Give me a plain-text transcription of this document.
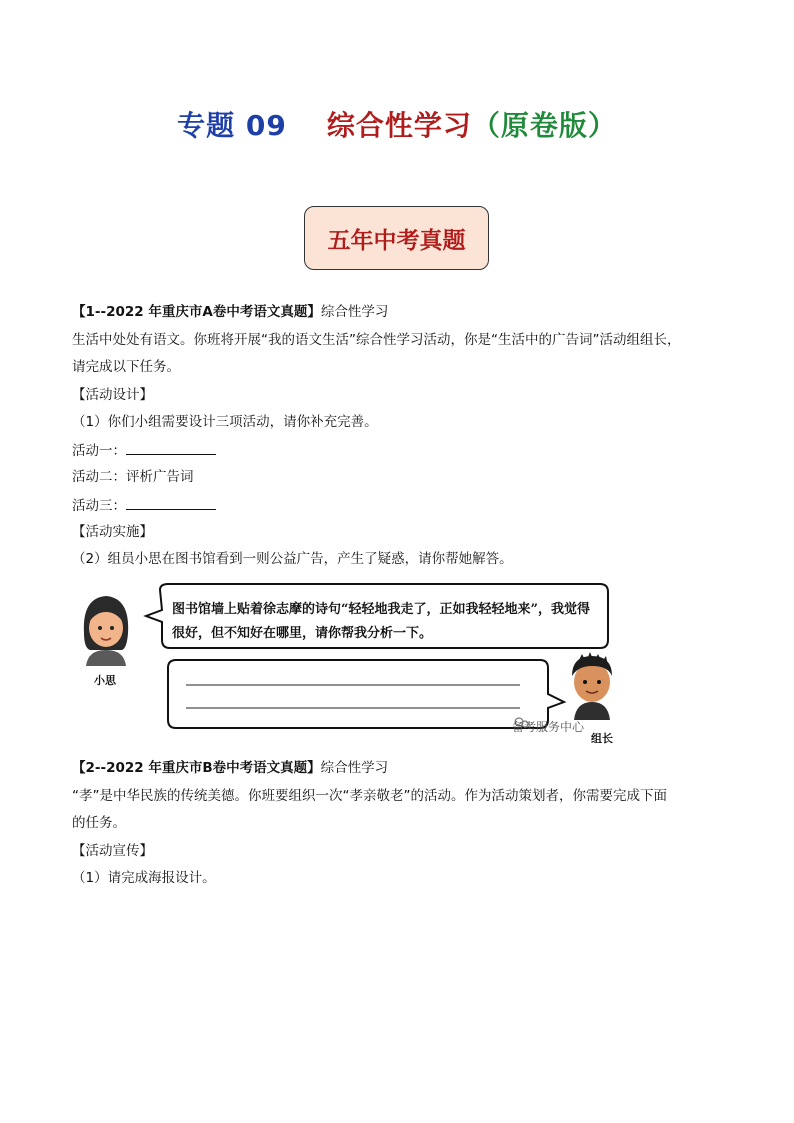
专题 09 综合性学习（原卷版）
五年中考真题
【1--2022 年重庆市A卷中考语文真题】综合性学习
生活中处处有语文。你班将开展“我的语文生活”综合性学习活动，你是“生活中的广告词”活动组组长，
请完成以下任务。
【活动设计】
（1）你们小组需要设计三项活动，请你补充完善。
活动一：
活动二：评析广告词
活动三：
【活动实施】
（2）组员小思在图书馆看到一则公益广告，产生了疑惑，请你帮她解答。
图书馆墙上贴着徐志摩的诗句“轻轻地我走了，正如我轻轻地来”，我觉得很好，但不知好在哪里，请你帮我分析一下。
小思
组长
备考服务中心
【2--2022 年重庆市B卷中考语文真题】综合性学习
“孝”是中华民族的传统美德。你班要组织一次“孝亲敬老”的活动。作为活动策划者，你需要完成下面
的任务。
【活动宣传】
（1）请完成海报设计。
